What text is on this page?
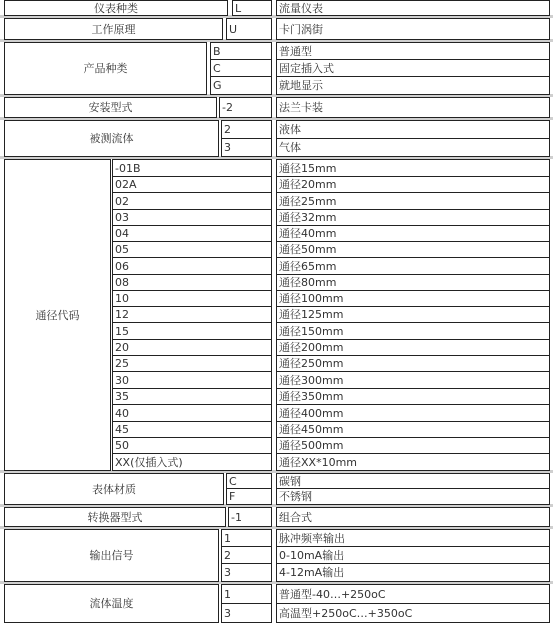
仪表种类	L	流量仪表
工作原理	U	卡门涡街
产品种类
B	普通型
C	固定插入式
G	就地显示
安装型式	-2	法兰卡装
被测流体
2	液体
3	气体
通径代码
-01B	通径15mm
02A	通径20mm
02	通径25mm
03	通径32mm
04	通径40mm
05	通径50mm
06	通径65mm
08	通径80mm
10	通径100mm
12	通径125mm
15	通径150mm
20	通径200mm
25	通径250mm
30	通径300mm
35	通径350mm
40	通径400mm
45	通径450mm
50	通径500mm
XX(仅插入式)	通径XX*10mm
表体材质
C	碳钢
F	不锈钢
转换器型式	-1	组合式
输出信号
1	脉冲频率输出
2	0-10mA输出
3	4-12mA输出
流体温度
1	普通型-40…+250oC
3	高温型+250oC…+350oC
